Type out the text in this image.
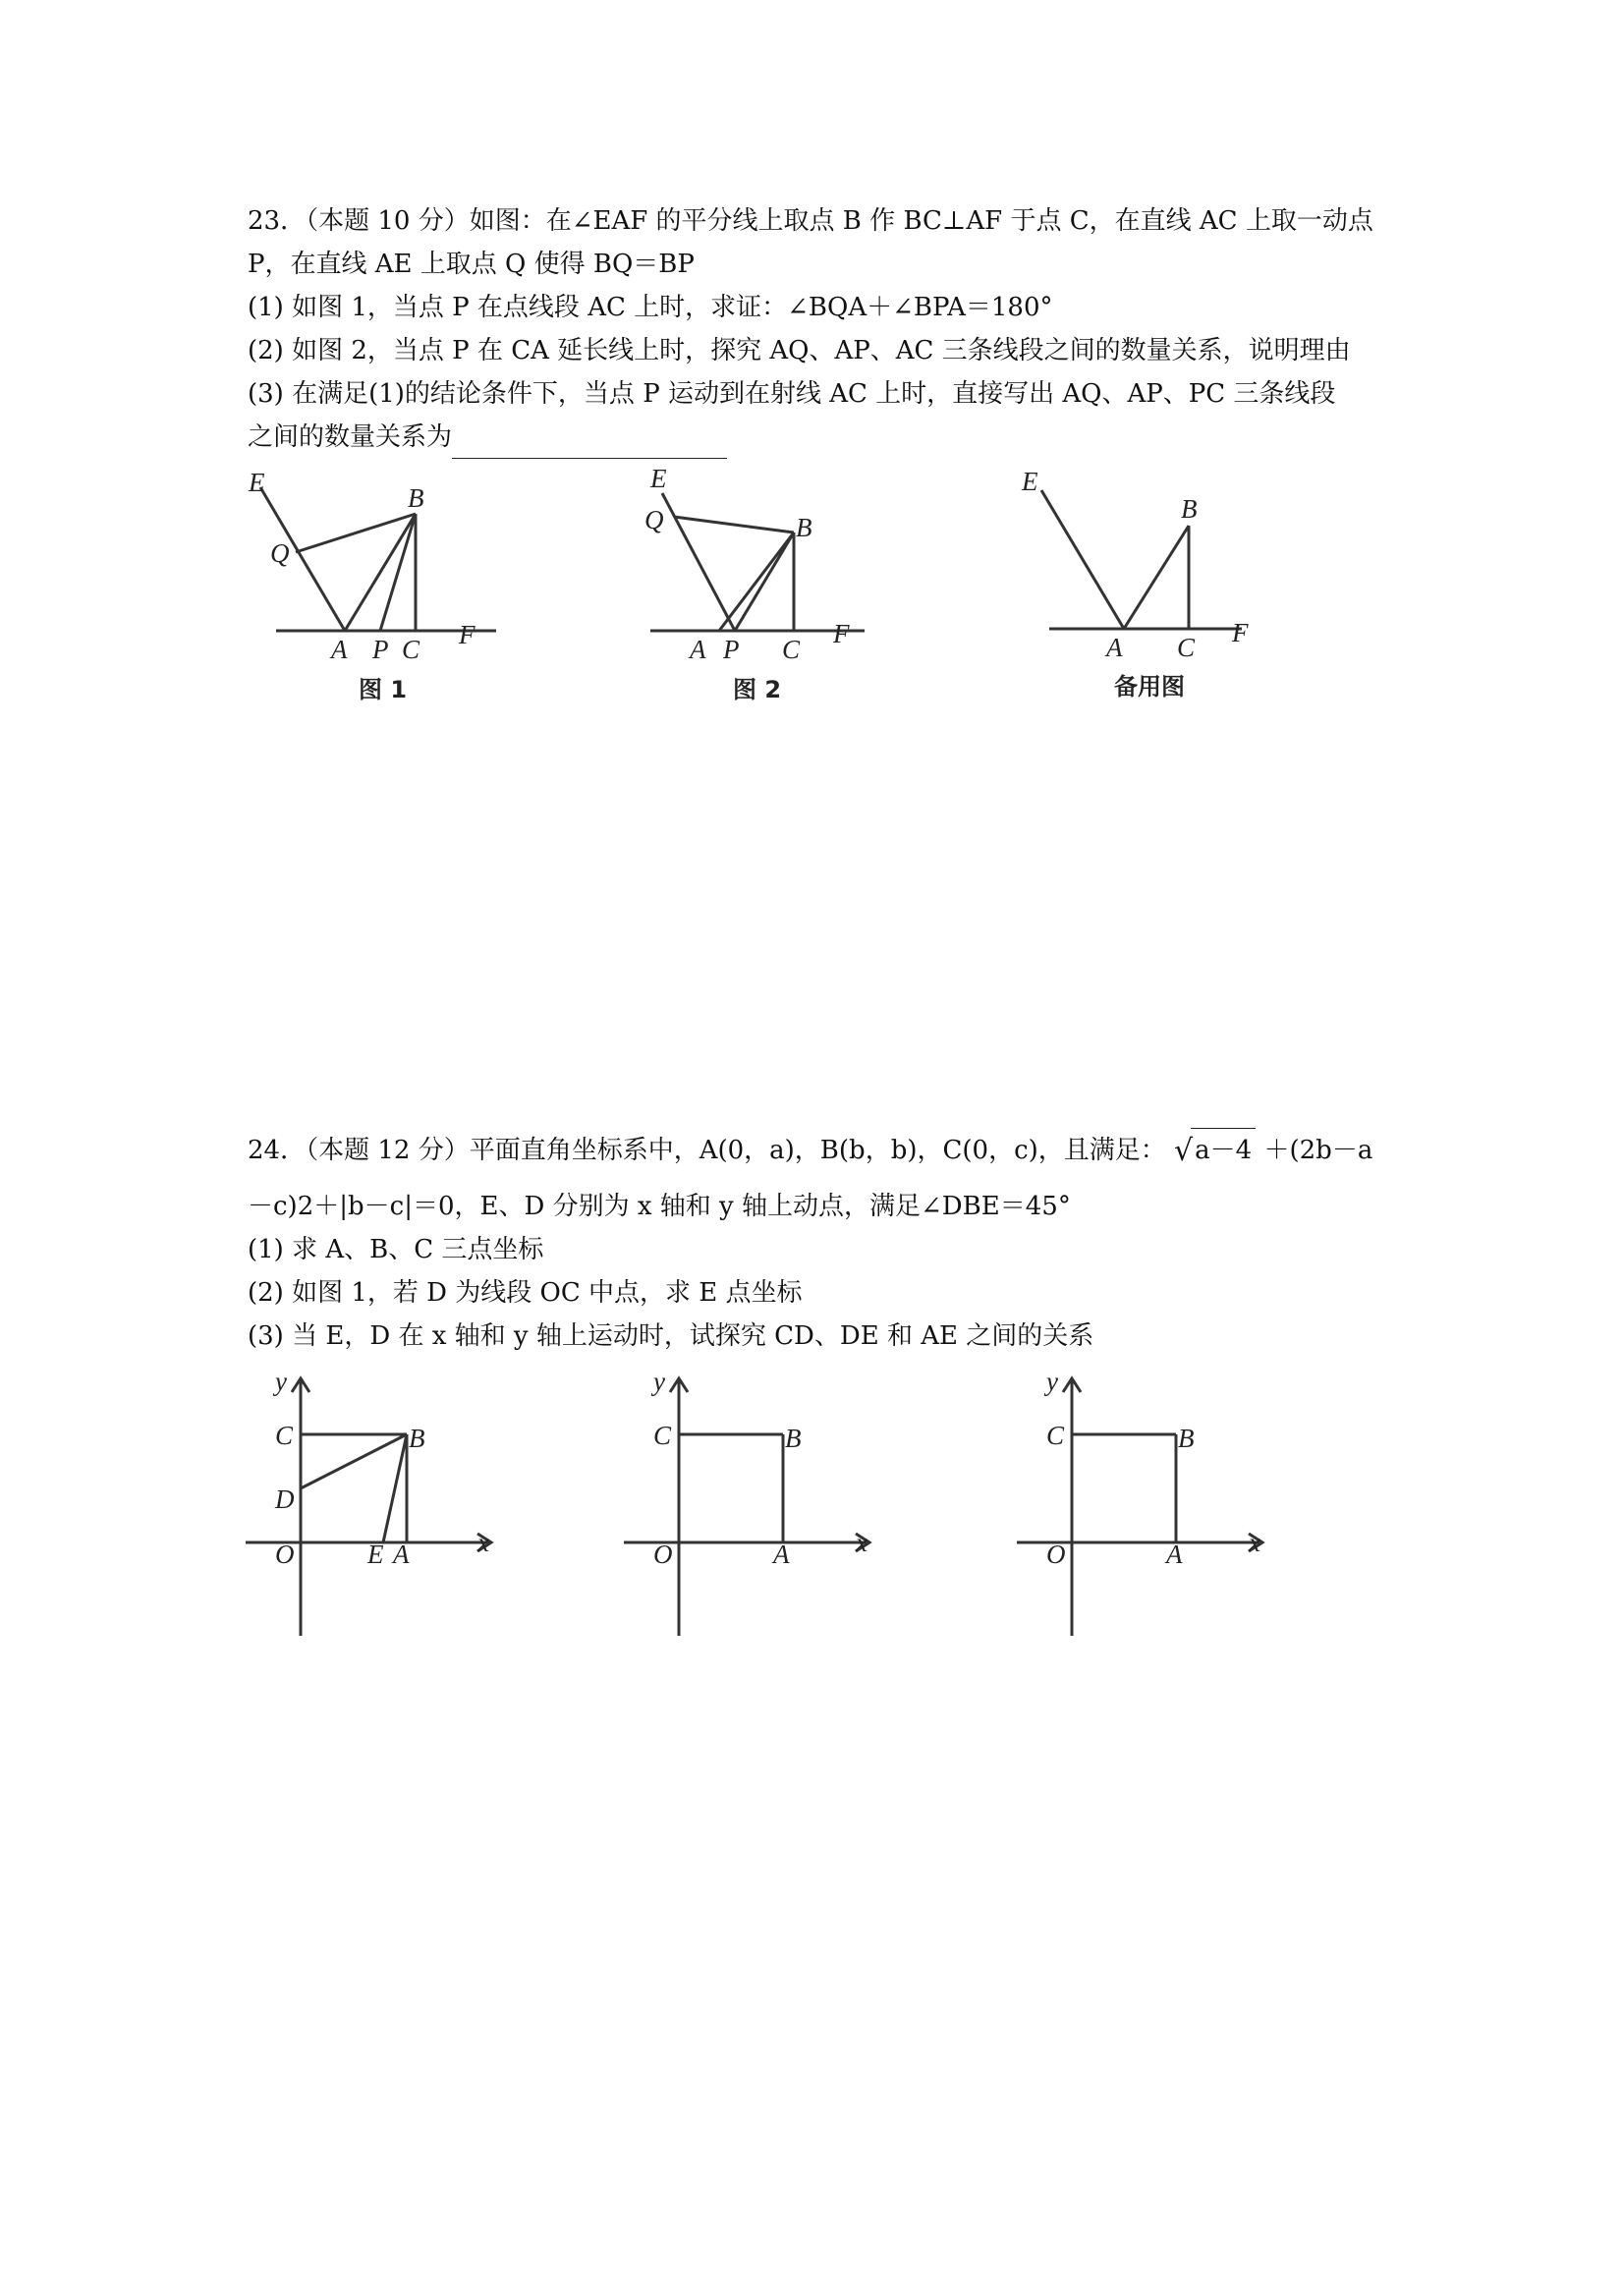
23．（本题 10 分）如图：在∠EAF 的平分线上取点 B 作 BC⊥AF 于点 C，在直线 AC 上取一动点
P，在直线 AE 上取点 Q 使得 BQ＝BP
(1) 如图 1，当点 P 在点线段 AC 上时，求证：∠BQA＋∠BPA＝180°
(2) 如图 2，当点 P 在 CA 延长线上时，探究 AQ、AP、AC 三条线段之间的数量关系，说明理由
(3) 在满足(1)的结论条件下，当点 P 运动到在射线 AC 上时，直接写出 AQ、AP、PC 三条线段
之间的数量关系为
E
B
Q
A P C F
图 1
E
Q	B
A P C
F
图 2
E
B
A C F
备用图
24．（本题 12 分）平面直角坐标系中，A(0，a)，B(b，b)，C(0，c)，且满足： √a－4 ＋(2b－a
－c)2＋|b－c|＝0，E、D 分别为 x 轴和 y 轴上动点，满足∠DBE＝45°
(1) 求 A、B、C 三点坐标
(2) 如图 1，若 D 为线段 OC 中点，求 E 点坐标
(3) 当 E，D 在 x 轴和 y 轴上运动时，试探究 CD、DE 和 AE 之间的关系
y
C	B
D
O	E A	x
y
C	B
O	A	x
y
C	B
O	A	x
